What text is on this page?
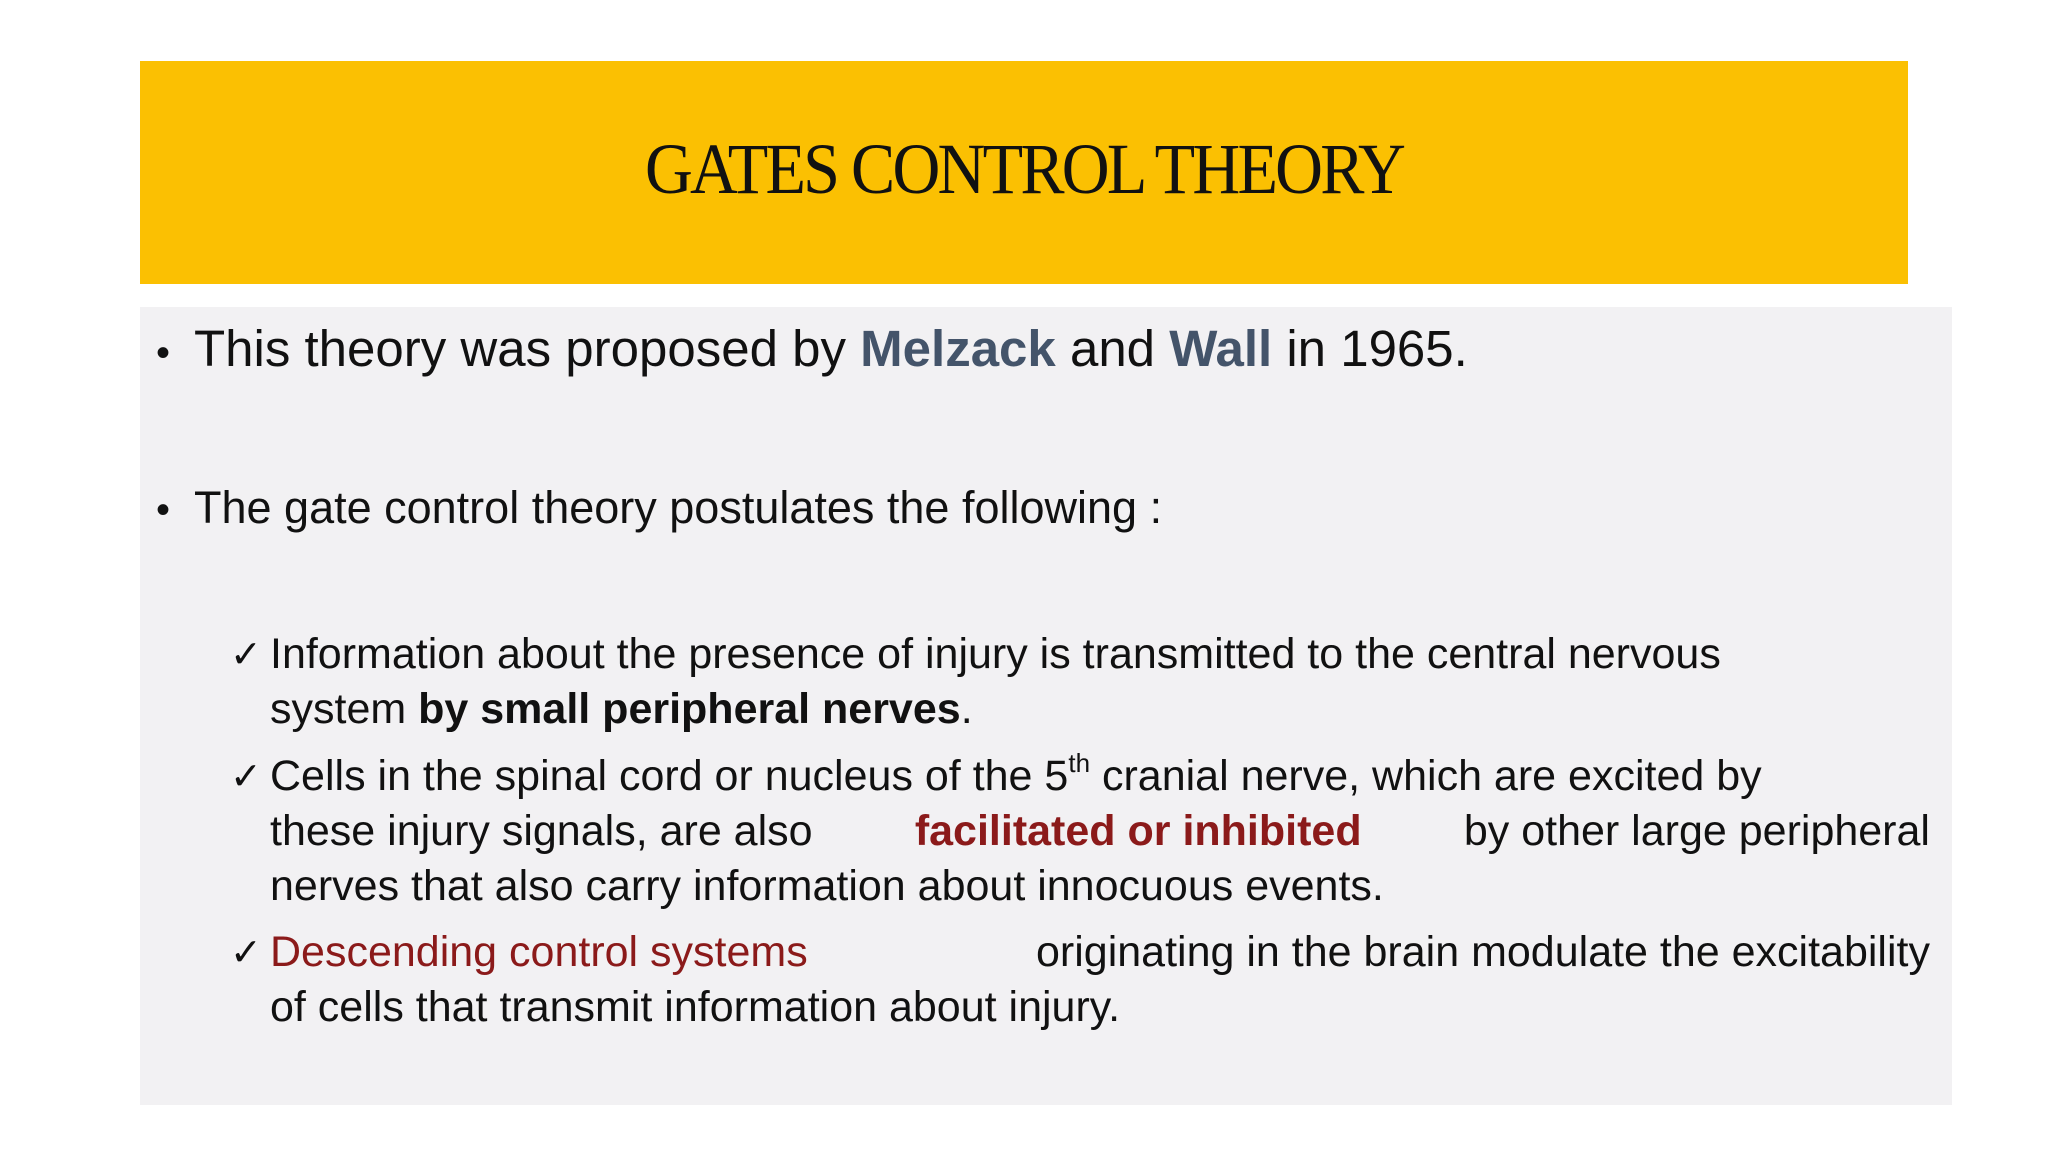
GATES CONTROL THEORY
• This theory was proposed by Melzack and Wall in 1965.
• The gate control theory postulates the following :
✓ Information about the presence of injury is transmitted to the central nervous
system by small peripheral nerves.
✓ Cells in the spinal cord or nucleus of the 5th cranial nerve, which are excited by
these injury signals, are also facilitated or inhibited by other large peripheral
nerves that also carry information about innocuous events.
✓ Descending control systems	originating in the brain modulate the excitability
of cells that transmit information about injury.
